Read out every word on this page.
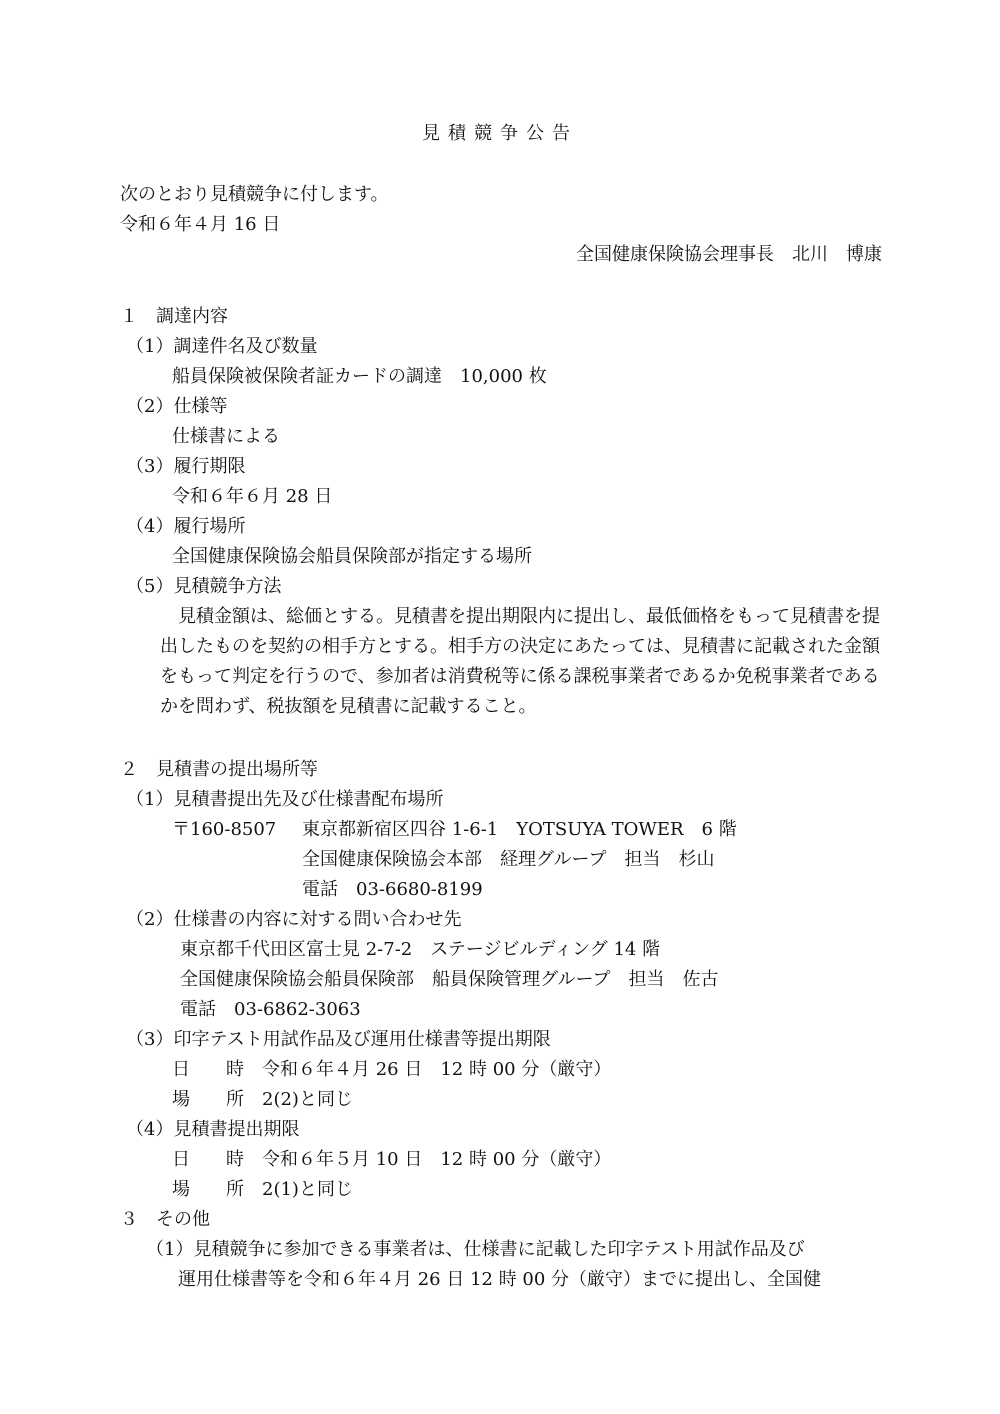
見積競争公告
次のとおり見積競争に付します。
令和６年４月 16 日
全国健康保険協会理事長　北川　博康
１　調達内容
（1）調達件名及び数量
船員保険被保険者証カードの調達　10,000 枚
（2）仕様等
仕様書による
（3）履行期限
令和６年６月 28 日
（4）履行場所
全国健康保険協会船員保険部が指定する場所
（5）見積競争方法
見積金額は、総価とする。見積書を提出期限内に提出し、最低価格をもって見積書を提出したものを契約の相手方とする。相手方の決定にあたっては、見積書に記載された金額をもって判定を行うので、参加者は消費税等に係る課税事業者であるか免税事業者であるかを問わず、税抜額を見積書に記載すること。
２　見積書の提出場所等
（1）見積書提出先及び仕様書配布場所
〒160-8507 東京都新宿区四谷 1-6-1　YOTSUYA TOWER　6 階
全国健康保険協会本部　経理グループ　担当　杉山
電話　03-6680-8199
（2）仕様書の内容に対する問い合わせ先
東京都千代田区富士見 2-7-2　ステージビルディング 14 階
全国健康保険協会船員保険部　船員保険管理グループ　担当　佐古
電話　03-6862-3063
（3）印字テスト用試作品及び運用仕様書等提出期限
日　　時　令和６年４月 26 日　12 時 00 分（厳守）
場　　所　2(2)と同じ
（4）見積書提出期限
日　　時　令和６年５月 10 日　12 時 00 分（厳守）
場　　所　2(1)と同じ
３　その他
（1）見積競争に参加できる事業者は、仕様書に記載した印字テスト用試作品及び
運用仕様書等を令和６年４月 26 日 12 時 00 分（厳守）までに提出し、全国健
